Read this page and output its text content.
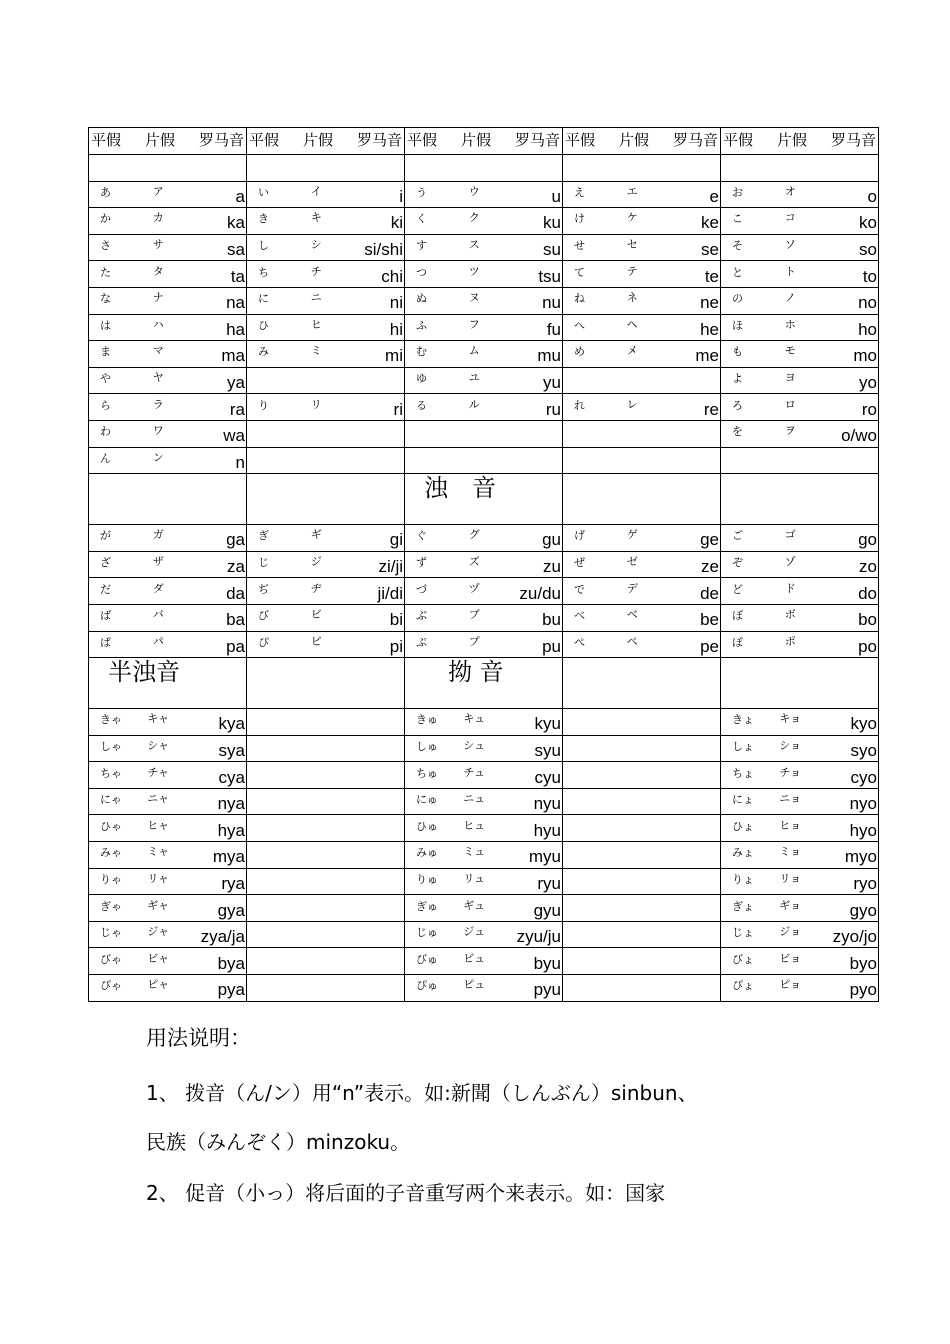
平假 片假 罗马音	平假 片假 罗马音	平假 片假 罗马音	平假 片假 罗马音	平假 片假 罗马音

あ ア a	い イ i	う ウ u	え エ e	お オ o

か カ ka	き キ ki	く ク ku	け ケ ke	こ コ ko

さ サ sa	し シ si/shi	す ス su	せ セ se	そ ソ so

た タ ta	ち チ chi	つ ツ tsu	て テ te	と ト to

な ナ na	に ニ ni	ぬ ヌ nu	ね ネ ne	の ノ no

は ハ ha	ひ ヒ hi	ふ フ fu	へ ヘ he	ほ ホ ho

ま マ ma	み ミ mi	む ム mu	め メ me	も モ mo

や ヤ ya		ゆ ユ yu		よ ヨ yo

ら ラ ra	り リ ri	る ル ru	れ レ re	ろ ロ ro

わ ワ wa				を ヲ o/wo

ん ン n				

		浊　音		

が ガ ga	ぎ ギ gi	ぐ グ gu	げ ゲ ge	ご ゴ go

ざ ザ za	じ ジ zi/ji	ず ズ zu	ぜ ゼ ze	ぞ ゾ zo

だ ダ da	ぢ ヂ ji/di	づ ヅ zu/du	で デ de	ど ド do

ば バ ba	び ビ bi	ぶ ブ bu	べ ベ be	ぼ ボ bo

ぱ パ pa	ぴ ピ pi	ぷ プ pu	ぺ ペ pe	ぽ ポ po

半浊音		拗 音		

きゃ キャ kya		きゅ キュ kyu		きょ キョ kyo

しゃ シャ sya		しゅ シュ syu		しょ ショ syo

ちゃ チャ cya		ちゅ チュ cyu		ちょ チョ cyo

にゃ ニャ nya		にゅ ニュ nyu		にょ ニョ nyo

ひゃ ヒャ hya		ひゅ ヒュ hyu		ひょ ヒョ hyo

みゃ ミャ mya		みゅ ミュ myu		みょ ミョ myo

りゃ リャ rya		りゅ リュ ryu		りょ リョ ryo

ぎゃ ギャ gya		ぎゅ ギュ gyu		ぎょ ギョ gyo

じゃ ジャ zya/ja		じゅ ジュ zyu/ju		じょ ジョ zyo/jo

びゃ ビャ bya		びゅ ビュ byu		びょ ビョ byo

ぴゃ ピャ pya		ぴゅ ピュ pyu		ぴょ ピョ pyo

用法说明：

1、 拨音（ん/ン）用“n”表示。如:新聞（しんぶん）sinbun、

民族（みんぞく）minzoku。

2、 促音（小っ）将后面的子音重写两个来表示。如：国家
